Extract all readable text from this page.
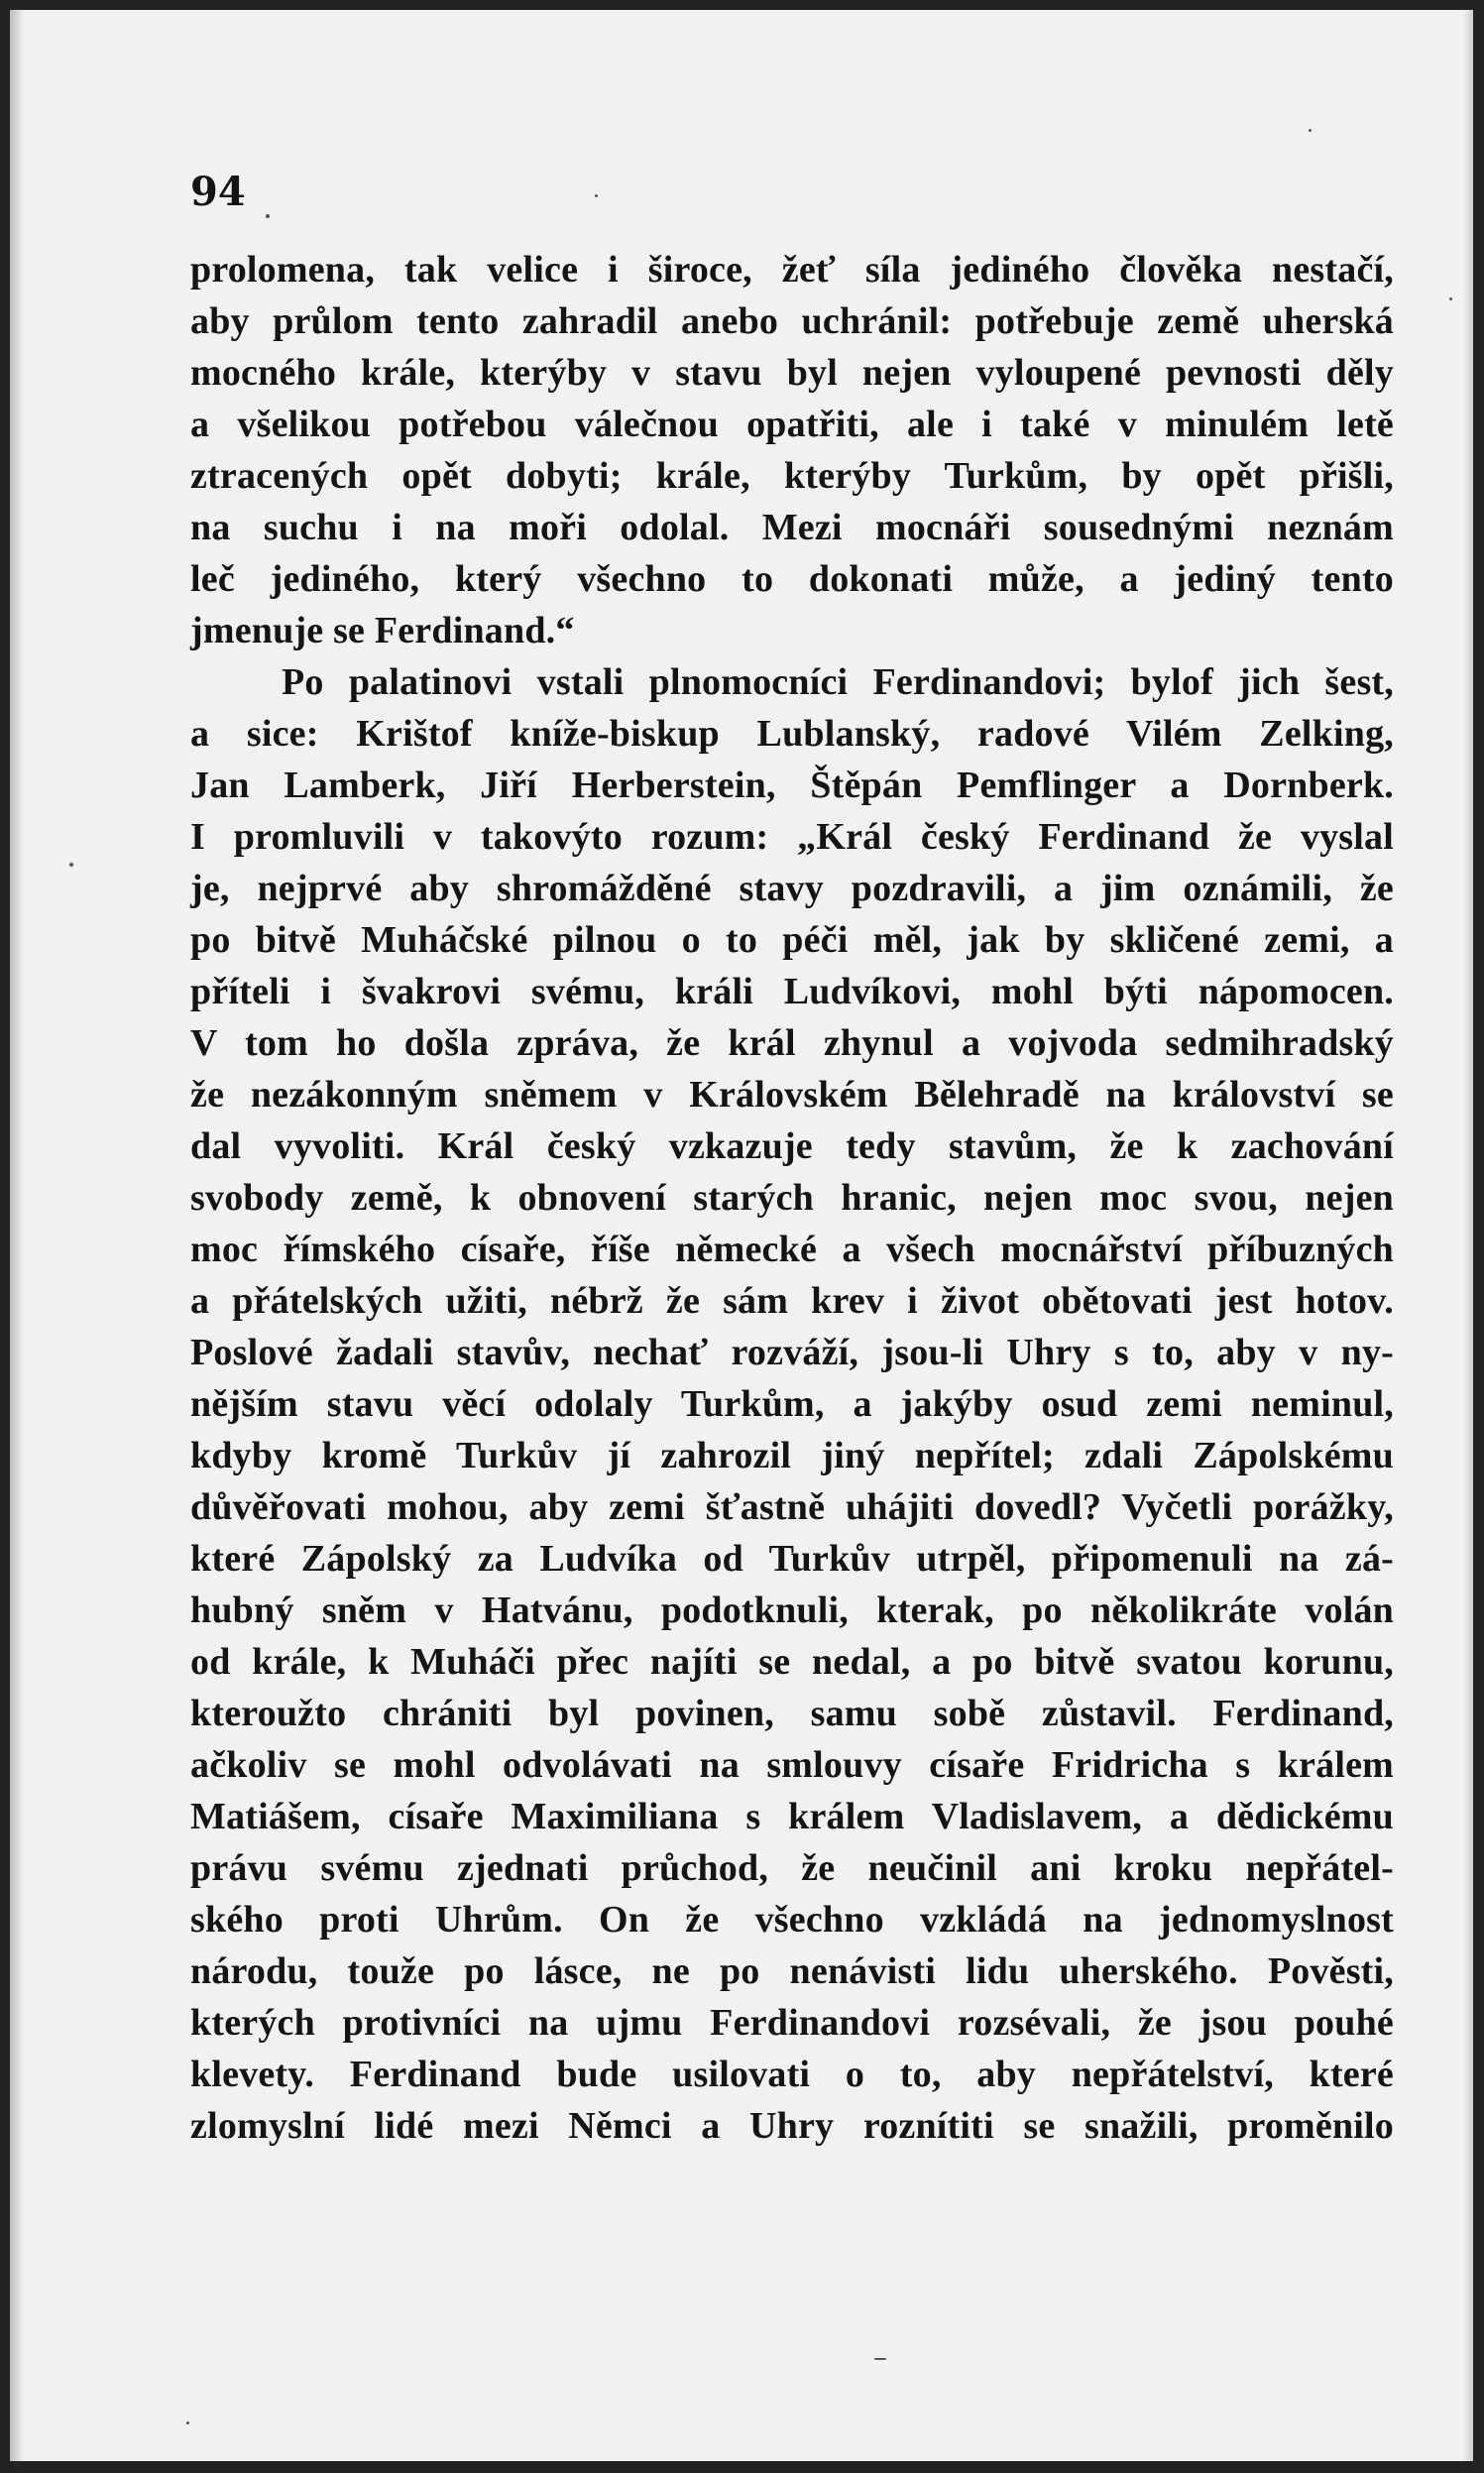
94
prolomena, tak velice i široce, žeť síla jediného člověka nestačí,
aby průlom tento zahradil anebo uchránil: potřebuje země uherská
mocného krále, kterýby v stavu byl nejen vyloupené pevnosti děly
a všelikou potřebou válečnou opatřiti, ale i také v minulém letě
ztracených opět dobyti; krále, kterýby Turkům, by opět přišli,
na suchu i na moři odolal. Mezi mocnáři sousednými neznám
leč jediného, který všechno to dokonati může, a jediný tento
jmenuje se Ferdinand.“
Po palatinovi vstali plnomocníci Ferdinandovi; bylof jich šest,
a sice: Krištof kníže-biskup Lublanský, radové Vilém Zelking,
Jan Lamberk, Jiří Herberstein, Štěpán Pemflinger a Dornberk.
I promluvili v takovýto rozum: „Král český Ferdinand že vyslal
je, nejprvé aby shromážděné stavy pozdravili, a jim oznámili, že
po bitvě Muháčské pilnou o to péči měl, jak by skličené zemi, a
příteli i švakrovi svému, králi Ludvíkovi, mohl býti nápomocen.
V tom ho došla zpráva, že král zhynul a vojvoda sedmihradský
že nezákonným sněmem v Královském Bělehradě na království se
dal vyvoliti. Král český vzkazuje tedy stavům, že k zachování
svobody země, k obnovení starých hranic, nejen moc svou, nejen
moc římského císaře, říše německé a všech mocnářství příbuzných
a přátelských užiti, nébrž že sám krev i život obětovati jest hotov.
Poslové žadali stavův, nechať rozváží, jsou-li Uhry s to, aby v ny-
nějším stavu věcí odolaly Turkům, a jakýby osud zemi neminul,
kdyby kromě Turkův jí zahrozil jiný nepřítel; zdali Zápolskému
důvěřovati mohou, aby zemi šťastně uhájiti dovedl? Vyčetli porážky,
které Zápolský za Ludvíka od Turkův utrpěl, připomenuli na zá-
hubný sněm v Hatvánu, podotknuli, kterak, po několikráte volán
od krále, k Muháči přec najíti se nedal, a po bitvě svatou korunu,
kteroužto chrániti byl povinen, samu sobě zůstavil. Ferdinand,
ačkoliv se mohl odvolávati na smlouvy císaře Fridricha s králem
Matiášem, císaře Maximiliana s králem Vladislavem, a dědickému
právu svému zjednati průchod, že neučinil ani kroku nepřátel-
ského proti Uhrům. On že všechno vzkládá na jednomyslnost
národu, touže po lásce, ne po nenávisti lidu uherského. Pověsti,
kterých protivníci na ujmu Ferdinandovi rozsévali, že jsou pouhé
klevety. Ferdinand bude usilovati o to, aby nepřátelství, které
zlomyslní lidé mezi Němci a Uhry roznítiti se snažili, proměnilo
